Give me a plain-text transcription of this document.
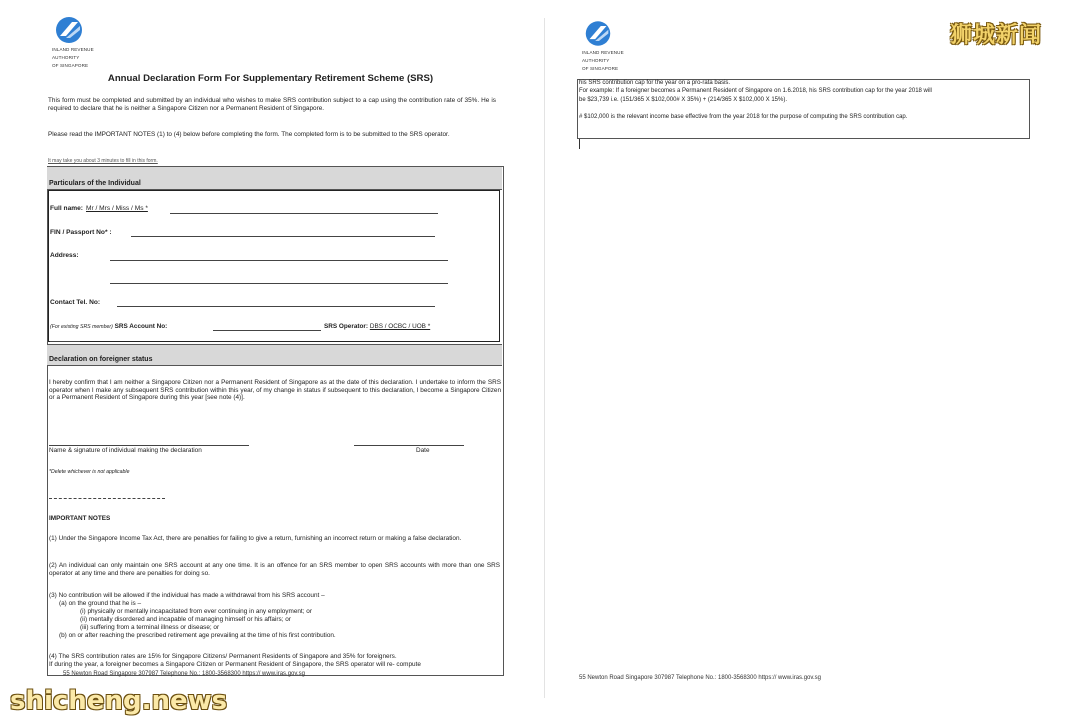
INLAND REVENUE
AUTHORITY
OF SINGAPORE
Annual Declaration Form For Supplementary Retirement Scheme (SRS)
This form must be completed and submitted by an individual who wishes to make SRS contribution subject to a cap using the contribution rate of 35%. He is required to declare that he is neither a Singapore Citizen nor a Permanent Resident of Singapore.
Please read the IMPORTANT NOTES (1) to (4) below before completing the form. The completed form is to be submitted to the SRS operator.
It may take you about 3 minutes to fill in this form.
Particulars of the Individual
Full name: Mr / Mrs / Miss / Ms *
FIN / Passport No* :
Address:
Contact Tel. No:
(For existing SRS member) SRS Account No:	SRS Operator: DBS / OCBC / UOB *
Declaration on foreigner status
I hereby confirm that I am neither a Singapore Citizen nor a Permanent Resident of Singapore as at the date of this declaration. I undertake to inform the SRS operator when I make any subsequent SRS contribution within this year, of my change in status if subsequent to this declaration, I become a Singapore Citizen or a Permanent Resident of Singapore during this year [see note (4)].
Name & signature of individual making the declaration	Date
*Delete whichever is not applicable
IMPORTANT NOTES
(1) Under the Singapore Income Tax Act, there are penalties for failing to give a return, furnishing an incorrect return or making a false declaration.
(2) An individual can only maintain one SRS account at any one time. It is an offence for an SRS member to open SRS accounts with more than one SRS operator at any time and there are penalties for doing so.
(3) No contribution will be allowed if the individual has made a withdrawal from his SRS account –
(a) on the ground that he is –
(i) physically or mentally incapacitated from ever continuing in any employment; or
(ii) mentally disordered and incapable of managing himself or his affairs; or
(iii) suffering from a terminal illness or disease; or
(b) on or after reaching the prescribed retirement age prevailing at the time of his first contribution.
(4) The SRS contribution rates are 15% for Singapore Citizens/ Permanent Residents of Singapore and 35% for foreigners.
If during the year, a foreigner becomes a Singapore Citizen or Permanent Resident of Singapore, the SRS operator will re- compute
55 Newton Road Singapore 307987 Telephone No.: 1800-3568300 https:// www.iras.gov.sg
INLAND REVENUE
AUTHORITY
OF SINGAPORE
his SRS contribution cap for the year on a pro-rata basis.
For example: If a foreigner becomes a Permanent Resident of Singapore on 1.6.2018, his SRS contribution cap for the year 2018 will
be $23,739 i.e. (151/365 X $102,000# X 35%) + (214/365 X $102,000 X 15%).
# $102,000 is the relevant income base effective from the year 2018 for the purpose of computing the SRS contribution cap.
55 Newton Road Singapore 307987 Telephone No.: 1800-3568300 https:// www.iras.gov.sg
狮城新闻
shicheng.news
